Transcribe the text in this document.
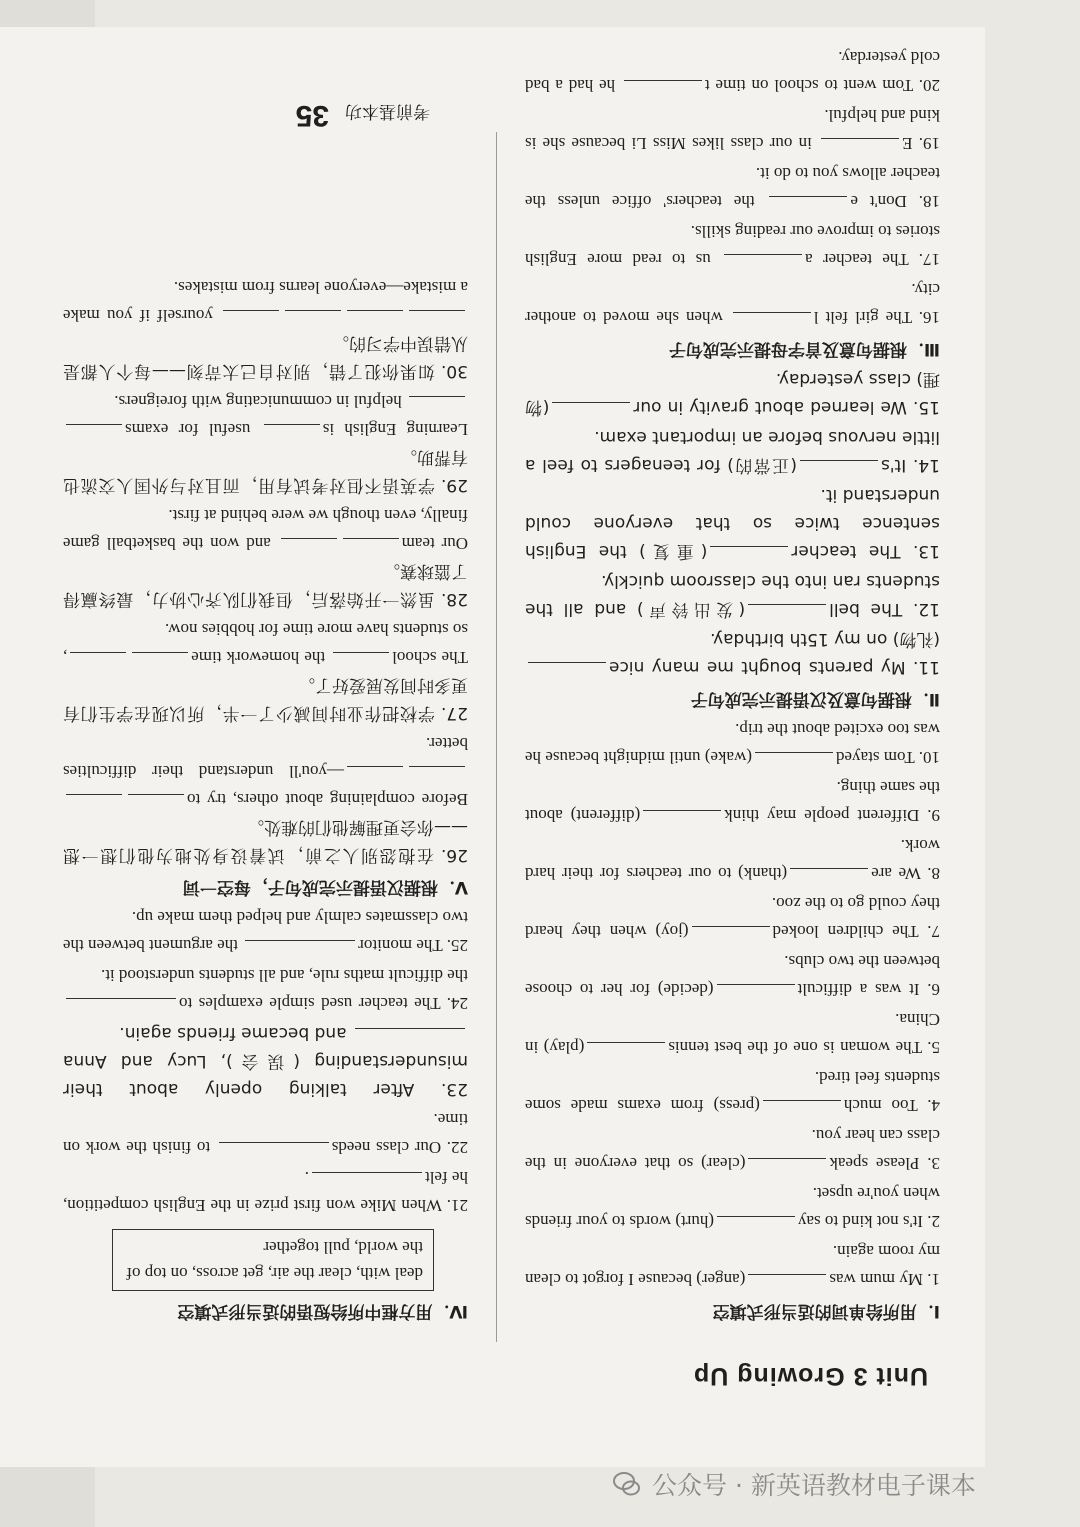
Unit 3 Growing Up
Ⅰ．用所给单词的适当形式填空
1. My mum was(anger) because I forgot to clean my room again.
2. It's not kind to say(hurt) words to your friends when you're upset.
3. Please speak(clear) so that everyone in the class can hear you.
4. Too much(press) from exams made some students feel tired.
5. The woman is one of the best tennis(play) in China.
6. It was a difficult(decide) for her to choose between the two clubs.
7. The children looked(joy) when they heard they could go to the zoo.
8. We are(thank) to our teachers for their hard work.
9. Different people may think(different) about the same thing.
10. Tom stayed(wake) until midnight because he was too excited about the trip.
Ⅱ．根据句意及汉语提示完成句子
11. My parents bought me many nice(礼物) on my 15th birthday.
12. The bell(发出铃声) and all the students ran into the classroom quickly.
13. The teacher(重复) the English sentence twice so that everyone could understand it.
14. It's(正常的) for teenagers to feel a little nervous before an important exam.
15. We learned about gravity in our(物理) class yesterday.
Ⅲ．根据句意及首字母提示完成句子
16. The girl felt l when she moved to another city.
17. The teacher a us to read more English stories to improve our reading skills.
18. Don't e the teachers' office unless the teacher allows you to do it.
19. E in our class likes Miss Li because she is kind and helpful.
20. Tom went to school on time t he had a bad cold yesterday.
Ⅳ．用方框中所给短语的适当形式填空
deal with, clear the air, get across, on top of the world, pull together
21. When Mike won first prize in the English competition, he felt.
22. Our class needs to finish the work on time.
23. After talking openly about their misunderstanding (误会), Lucy and Anna and became friends again.
24. The teacher used simple examples to the difficult maths rule, and all students understood it.
25. The monitor the argument between the two classmates calmly and helped them make up.
Ⅴ．根据汉语提示完成句子，每空一词
26. 在抱怨别人之前，试着设身处地为他们想一想——你会更理解他们的难处。
Before complaining about others, try to—you'll understand their difficulties better.
27. 学校把作业时间减少了一半，所以现在学生们有更多时间发展爱好了。
The school the homework time, so students have more time for hobbies now.
28. 虽然一开始落后，但我们队齐心协力，最终赢得了篮球赛。
Our team and won the basketball game finally, even though we were behind at first.
29. 学英语不但对考试有用，而且对与外国人交流也有帮助。
Learning English is useful for exams helpful in communicating with foreigners.
30. 如果你犯了错，别对自己太苛刻——每个人都是从错误中学习的。
yourself if you make a mistake—everyone learns from mistakes.
考前基本功
35
公众号 · 新英语教材电子课本
